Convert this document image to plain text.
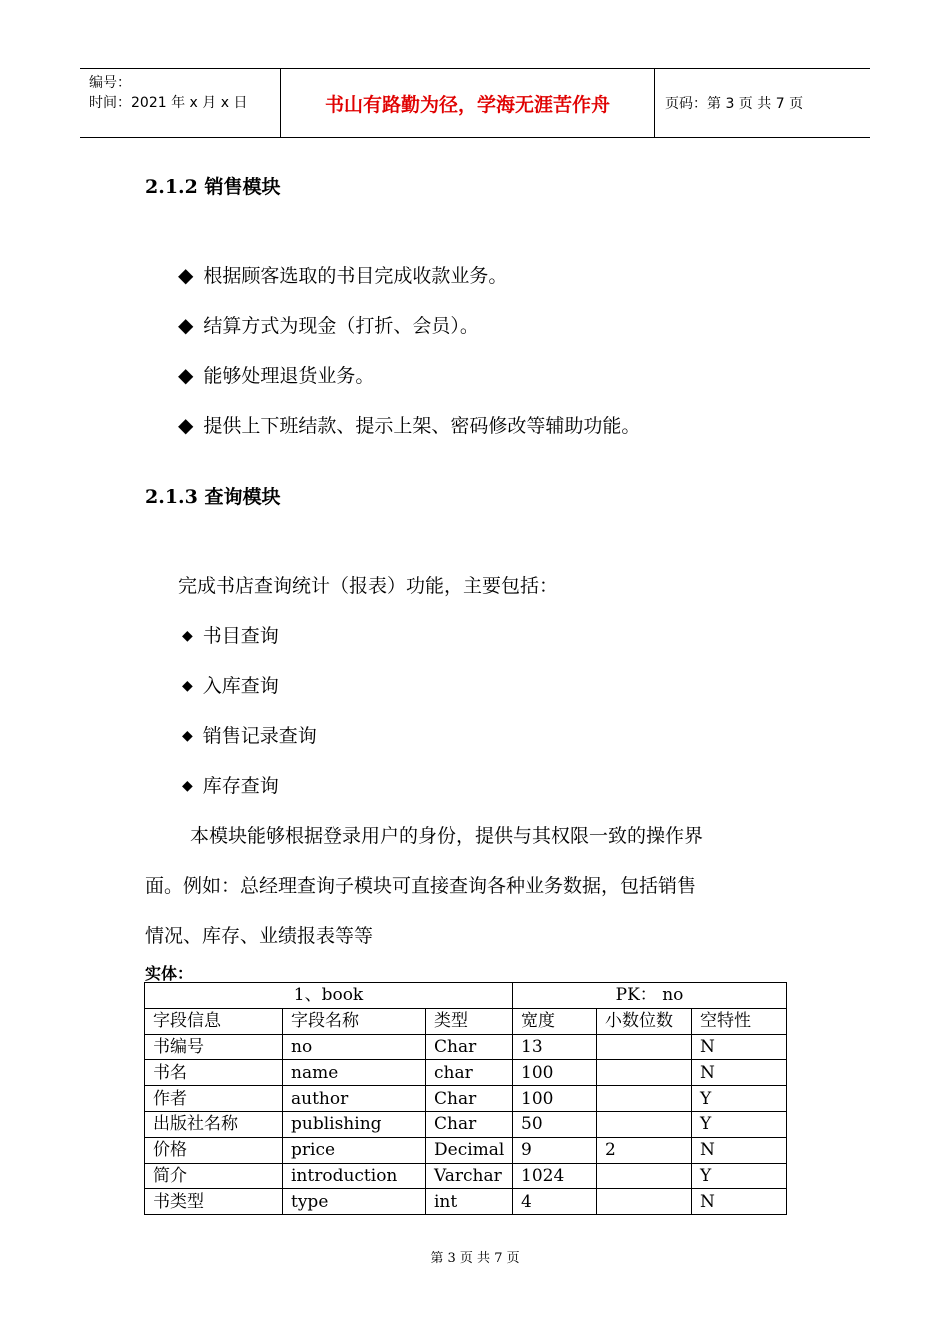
编号：
时间：2021 年 x 月 x 日	书山有路勤为径，学海无涯苦作舟	页码：第 3 页 共 7 页
2.1.2 销售模块
◆ 根据顾客选取的书目完成收款业务。
◆ 结算方式为现金（打折、会员）。
◆ 能够处理退货业务。
◆ 提供上下班结款、提示上架、密码修改等辅助功能。
2.1.3 查询模块
完成书店查询统计（报表）功能，主要包括：
◆ 书目查询
◆ 入库查询
◆ 销售记录查询
◆ 库存查询
本模块能够根据登录用户的身份，提供与其权限一致的操作界
面。例如：总经理查询子模块可直接查询各种业务数据，包括销售
情况、库存、业绩报表等等
实体：
1、book			PK： no		
字段信息	字段名称	类型	宽度	小数位数	空特性
书编号	no	Char	13		N
书名	name	char	100		N
作者	author	Char	100		Y
出版社名称	publishing	Char	50		Y
价格	price	Decimal	9	2	N
简介	introduction	Varchar	1024		Y
书类型	type	int	4		N
第 3 页 共 7 页
